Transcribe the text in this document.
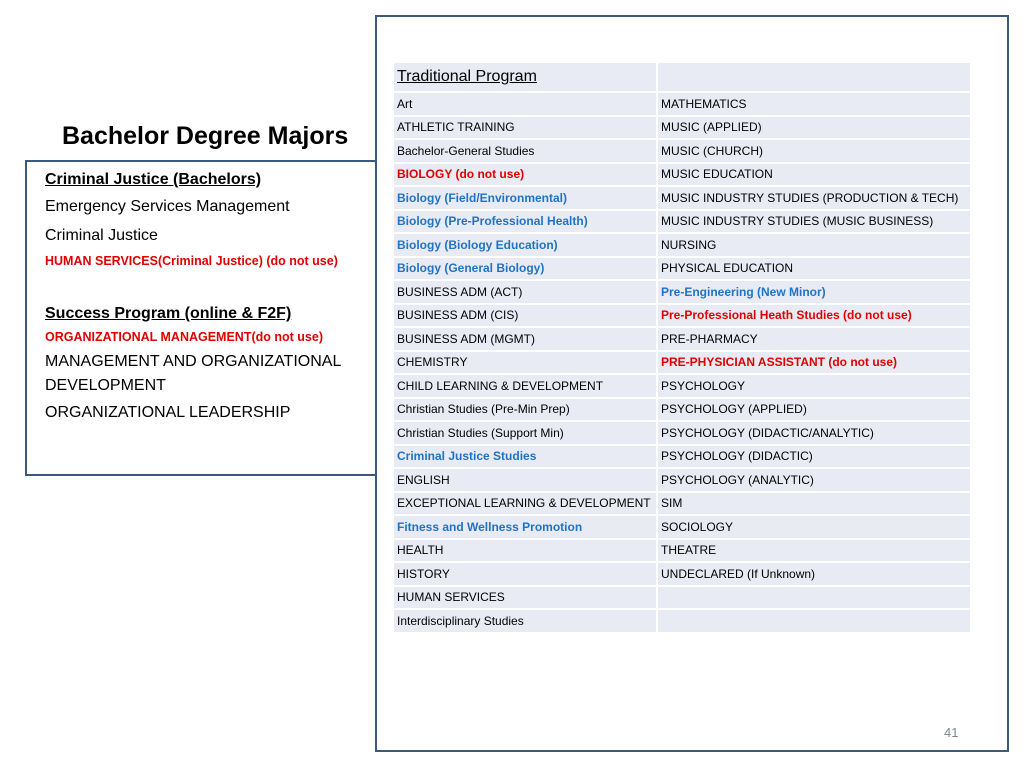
Bachelor Degree Majors

Criminal Justice (Bachelors)

Emergency Services Management

Criminal Justice

HUMAN SERVICES(Criminal Justice) (do not use)

Success Program (online & F2F)

ORGANIZATIONAL MANAGEMENT(do not use)

MANAGEMENT AND ORGANIZATIONAL DEVELOPMENT

ORGANIZATIONAL LEADERSHIP

Traditional Program	
Art	MATHEMATICS
ATHLETIC TRAINING	MUSIC (APPLIED)
Bachelor-General Studies	MUSIC (CHURCH)
BIOLOGY (do not use)	MUSIC EDUCATION
Biology (Field/Environmental)	MUSIC INDUSTRY STUDIES (PRODUCTION & TECH)
Biology (Pre-Professional Health)	MUSIC INDUSTRY STUDIES (MUSIC BUSINESS)
Biology (Biology Education)	NURSING
Biology (General Biology)	PHYSICAL EDUCATION
BUSINESS ADM (ACT)	Pre-Engineering (New Minor)
BUSINESS ADM (CIS)	Pre-Professional Heath Studies (do not use)
BUSINESS ADM (MGMT)	PRE-PHARMACY
CHEMISTRY	PRE-PHYSICIAN ASSISTANT (do not use)
CHILD LEARNING & DEVELOPMENT	PSYCHOLOGY
Christian Studies (Pre-Min Prep)	PSYCHOLOGY (APPLIED)
Christian Studies (Support Min)	PSYCHOLOGY (DIDACTIC/ANALYTIC)
Criminal Justice Studies	PSYCHOLOGY (DIDACTIC)
ENGLISH	PSYCHOLOGY (ANALYTIC)
EXCEPTIONAL LEARNING & DEVELOPMENT	SIM
Fitness and Wellness Promotion	SOCIOLOGY
HEALTH	THEATRE
HISTORY	UNDECLARED (If Unknown)
HUMAN SERVICES	
Interdisciplinary Studies	
41
